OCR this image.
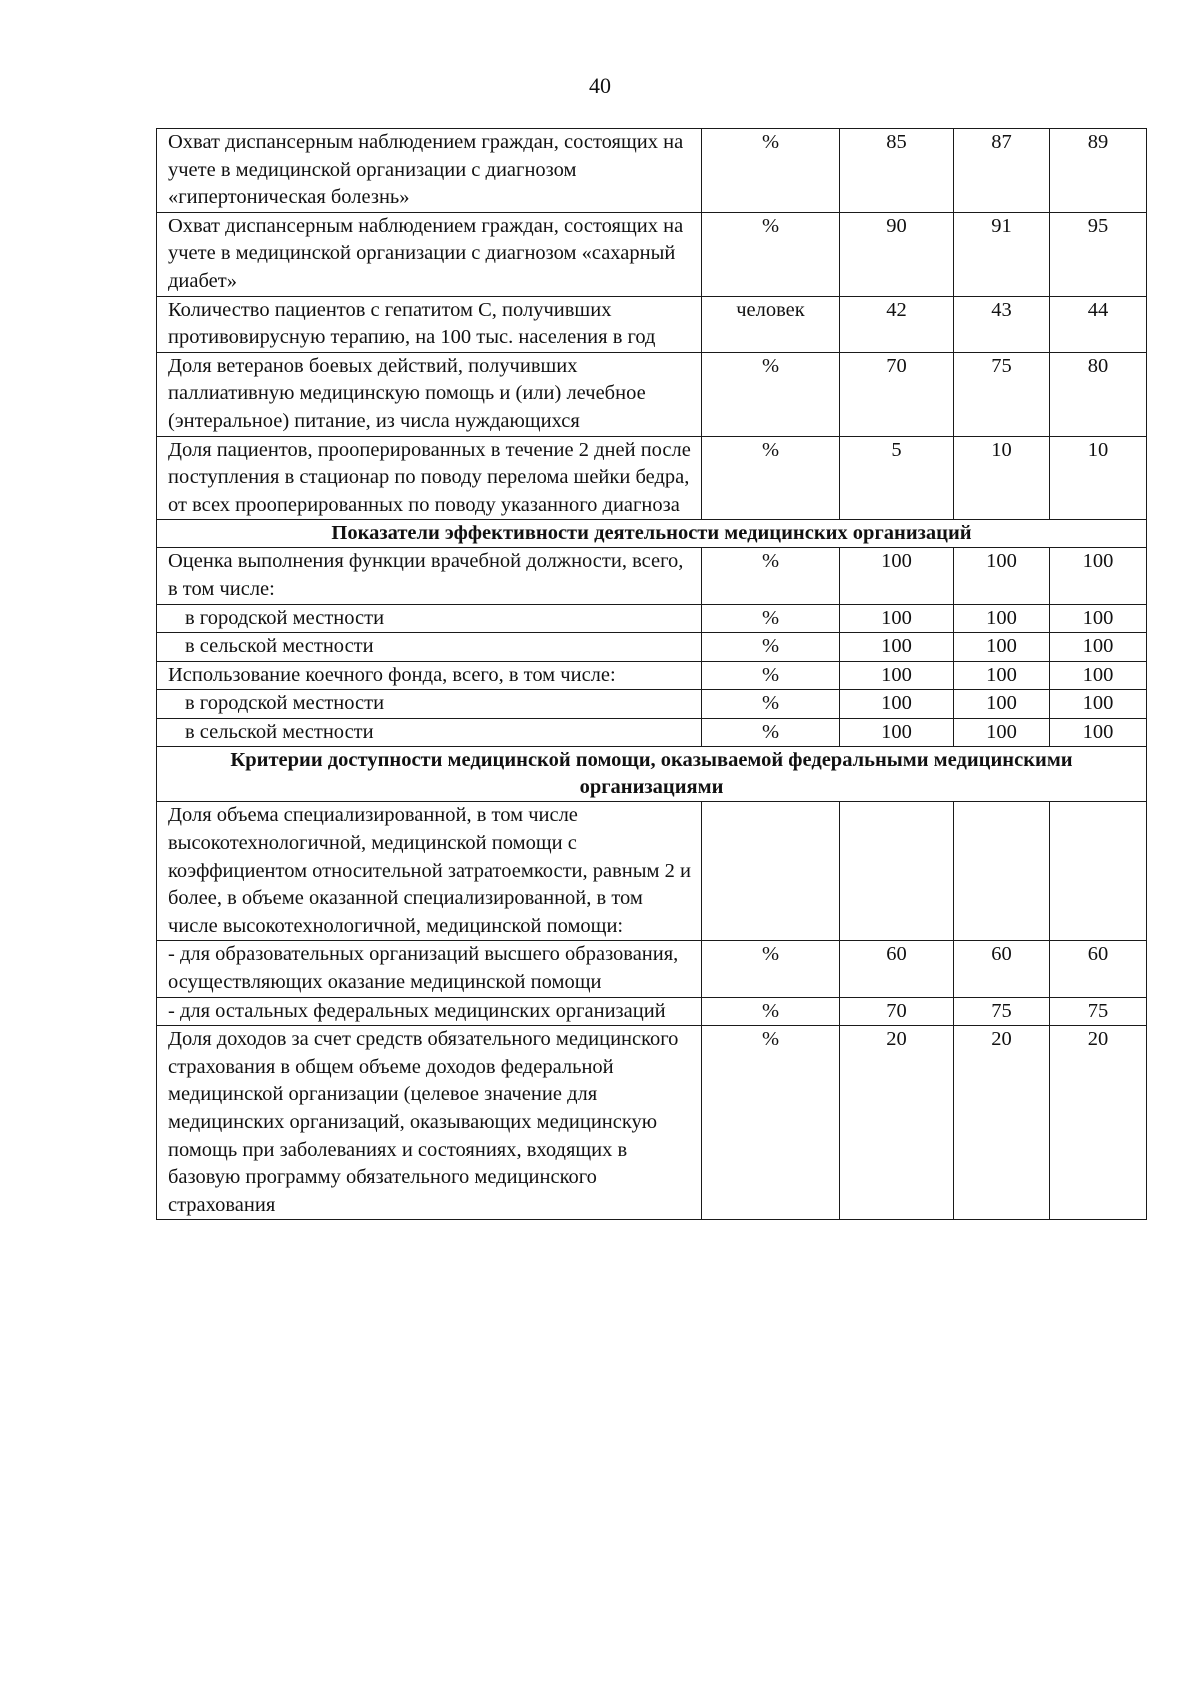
40
Охват диспансерным наблюдением граждан, состоящих на учете в медицинской организации с диагнозом «гипертоническая болезнь»	%	85	87	89
Охват диспансерным наблюдением граждан, состоящих на учете в медицинской организации с диагнозом «сахарный диабет»	%	90	91	95
Количество пациентов с гепатитом С, получивших противовирусную терапию, на 100 тыс. населения в год	человек	42	43	44
Доля ветеранов боевых действий, получивших паллиативную медицинскую помощь и (или) лечебное (энтеральное) питание, из числа нуждающихся	%	70	75	80
Доля пациентов, прооперированных в течение 2 дней после поступления в стационар по поводу перелома шейки бедра, от всех прооперированных по поводу указанного диагноза	%	5	10	10
Показатели эффективности деятельности медицинских организаций				
Оценка выполнения функции врачебной должности, всего, в том числе:	%	100	100	100
в городской местности	%	100	100	100
в сельской местности	%	100	100	100
Использование коечного фонда, всего, в том числе:	%	100	100	100
в городской местности	%	100	100	100
в сельской местности	%	100	100	100
Критерии доступности медицинской помощи, оказываемой федеральными медицинскими организациями				
Доля объема специализированной, в том числе высокотехнологичной, медицинской помощи с коэффициентом относительной затратоемкости, равным 2 и более, в объеме оказанной специализированной, в том числе высокотехнологичной, медицинской помощи:				
- для образовательных организаций высшего образования, осуществляющих оказание медицинской помощи	%	60	60	60
- для остальных федеральных медицинских организаций	%	70	75	75
Доля доходов за счет средств обязательного медицинского страхования в общем объеме доходов федеральной медицинской организации (целевое значение для медицинских организаций, оказывающих медицинскую помощь при заболеваниях и состояниях, входящих в базовую программу обязательного медицинского страхования	%	20	20	20
